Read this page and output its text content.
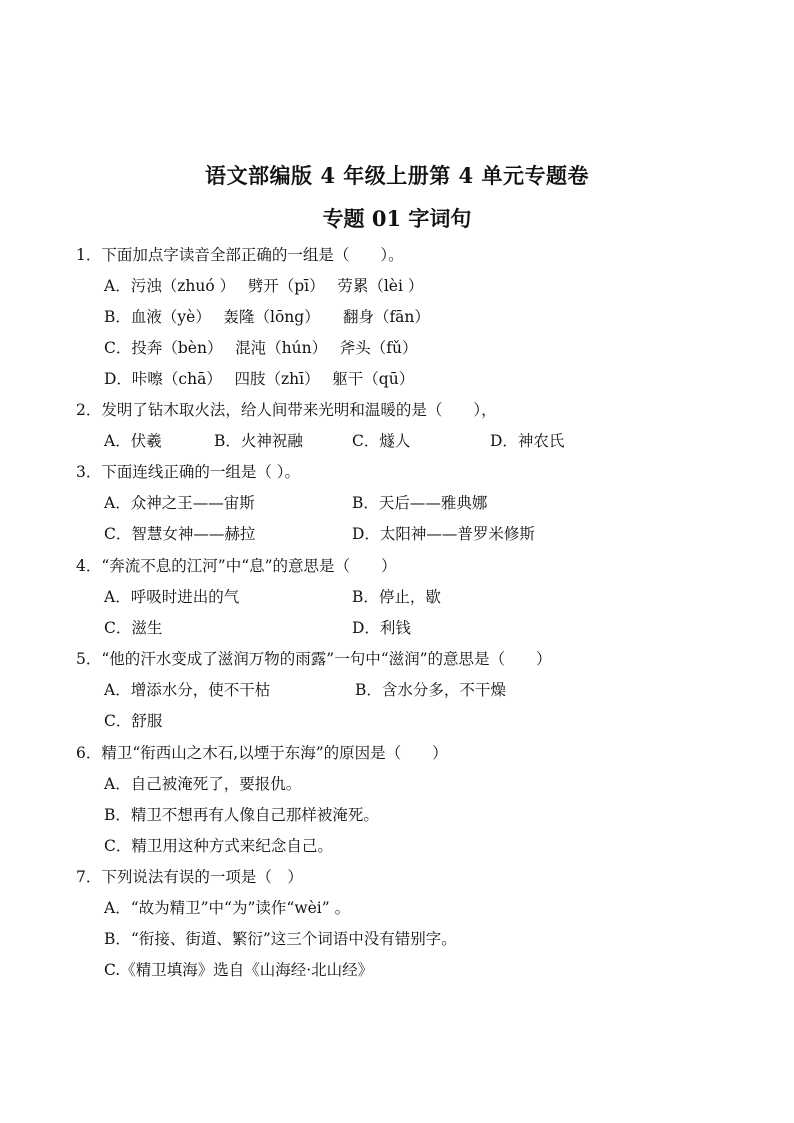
语文部编版 4 年级上册第 4 单元专题卷
专题 01 字词句
1．下面加点字读音全部正确的一组是（　　）。
A．污浊（zhuó ）　 劈开（pī）　 劳累（lèi ）
B．血液（yè）　 轰隆（lōng）　　翻身（fān）
C．投奔（bèn）　 混沌（hún）　 斧头（fǔ）
D．咔嚓（chā）　 四肢（zhī）　 躯干（qū）
2．发明了钻木取火法，给人间带来光明和温暖的是（　　），
A．伏羲	B．火神祝融	C．燧人	D．神农氏
3．下面连线正确的一组是（ ）。
A．众神之王——宙斯	B．天后——雅典娜
C．智慧女神——赫拉	D．太阳神——普罗米修斯
4．“奔流不息的江河”中“息”的意思是（　　）
A．呼吸时进出的气	B．停止，歇
C．滋生	D．利钱
5．“他的汗水变成了滋润万物的雨露”一句中“滋润”的意思是（　　）
A．增添水分，使不干枯	B．含水分多，不干燥
C．舒服
6．精卫“衔西山之木石,以堙于东海”的原因是（　　）
A．自己被淹死了，要报仇。
B．精卫不想再有人像自己那样被淹死。
C．精卫用这种方式来纪念自己。
7．下列说法有误的一项是（　）
A．“故为精卫”中“为”读作“wèi” 。
B．“衔接、街道、繁衍”这三个词语中没有错别字。
C.《精卫填海》选自《山海经·北山经》
